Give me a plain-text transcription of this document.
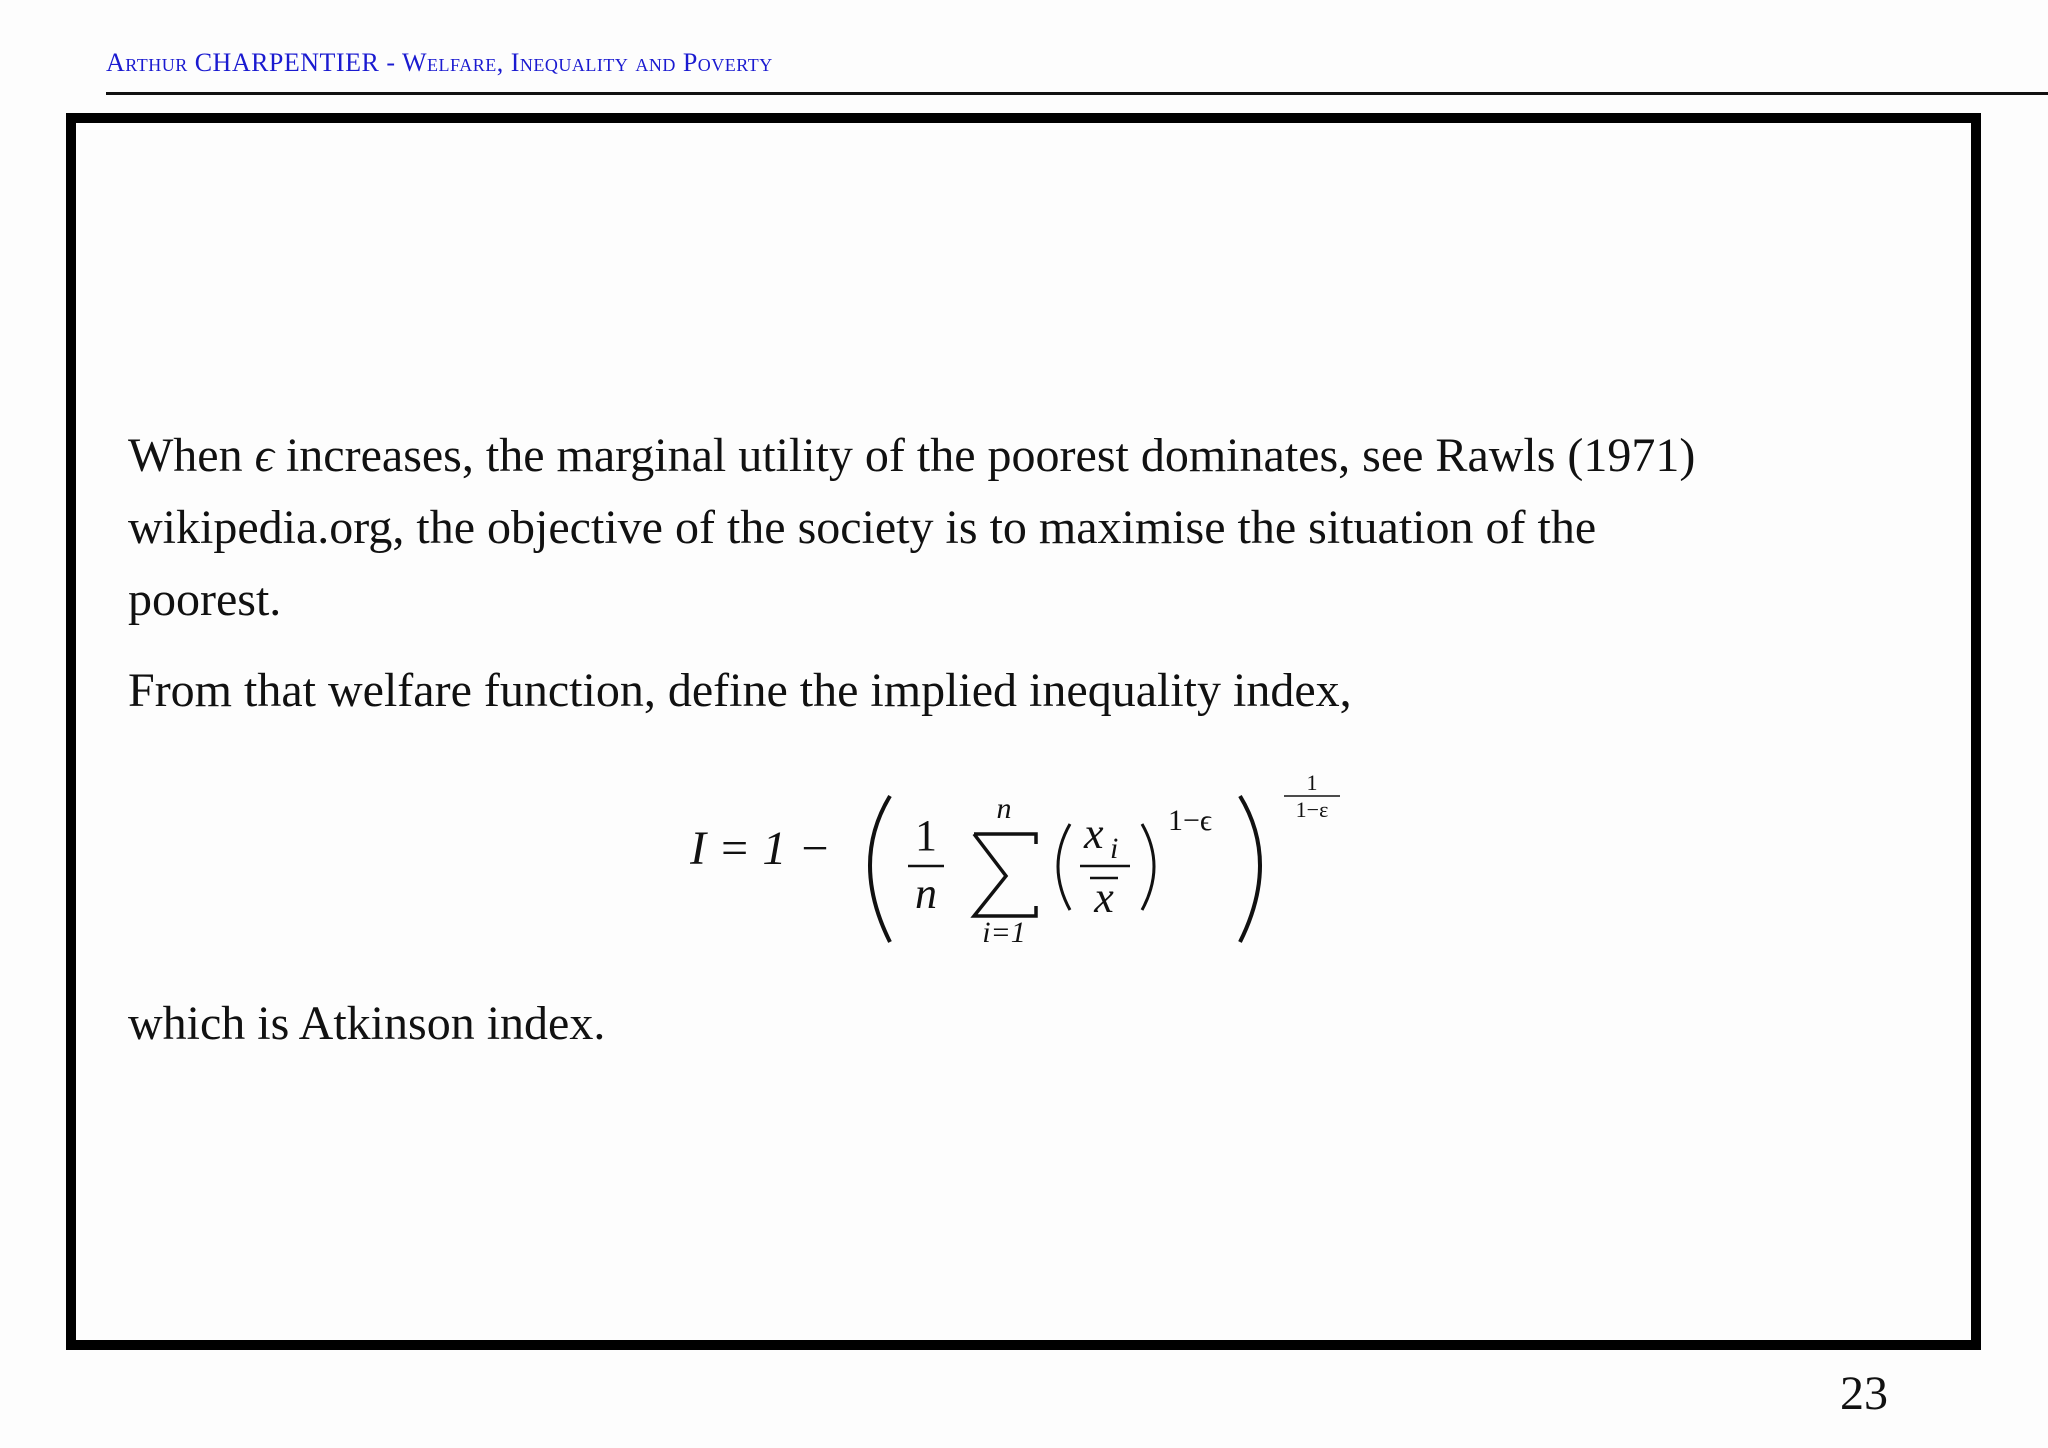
Arthur CHARPENTIER - Welfare, Inequality and Poverty
When ϵ increases, the marginal utility of the poorest dominates, see Rawls (1971)
wikipedia.org, the objective of the society is to maximise the situation of the
poorest.
From that welfare function, define the implied inequality index,
I = 1 − 1
n
n
i=1
x i
x
1−ϵ
1
1−ε
which is Atkinson index.
23
